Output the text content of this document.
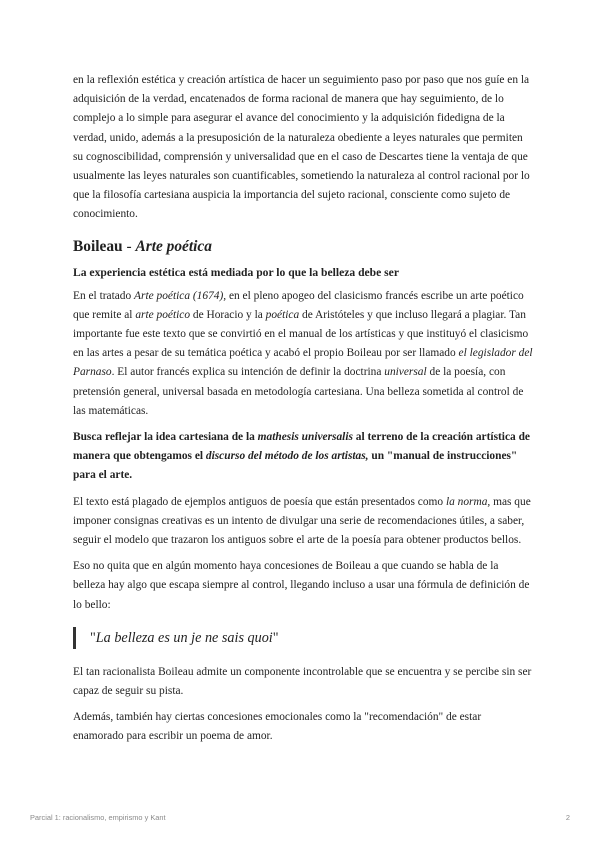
en la reflexión estética y creación artística de hacer un seguimiento paso por paso que nos guíe en la adquisición de la verdad, encatenados de forma racional de manera que hay seguimiento, de lo complejo a lo simple para asegurar el avance del conocimiento y la adquisición fidedigna de la verdad, unido, además a la presuposición de la naturaleza obediente a leyes naturales que permiten su cognoscibilidad, comprensión y universalidad que en el caso de Descartes tiene la ventaja de que usualmente las leyes naturales son cuantificables, sometiendo la naturaleza al control racional por lo que la filosofía cartesiana auspicia la importancia del sujeto racional, consciente como sujeto de conocimiento.

Boileau - Arte poética
La experiencia estética está mediada por lo que la belleza debe ser

En el tratado Arte poética (1674), en el pleno apogeo del clasicismo francés escribe un arte poético que remite al arte poético de Horacio y la poética de Aristóteles y que incluso llegará a plagiar. Tan importante fue este texto que se convirtió en el manual de los artísticas y que instituyó el clasicismo en las artes a pesar de su temática poética y acabó el propio Boileau por ser llamado el legislador del Parnaso. El autor francés explica su intención de definir la doctrina universal de la poesía, con pretensión general, universal basada en metodología cartesiana. Una belleza sometida al control de las matemáticas.

Busca reflejar la idea cartesiana de la mathesis universalis al terreno de la creación artística de manera que obtengamos el discurso del método de los artistas, un "manual de instrucciones" para el arte.

El texto está plagado de ejemplos antiguos de poesía que están presentados como la norma, mas que imponer consignas creativas es un intento de divulgar una serie de recomendaciones útiles, a saber, seguir el modelo que trazaron los antiguos sobre el arte de la poesía para obtener productos bellos.

Eso no quita que en algún momento haya concesiones de Boileau a que cuando se habla de la belleza hay algo que escapa siempre al control, llegando incluso a usar una fórmula de definición de lo bello:

"La belleza es un je ne sais quoi"

El tan racionalista Boileau admite un componente incontrolable que se encuentra y se percibe sin ser capaz de seguir su pista.

Además, también hay ciertas concesiones emocionales como la "recomendación" de estar enamorado para escribir un poema de amor.

Parcial 1: racionalismo, empirismo y Kant	2
